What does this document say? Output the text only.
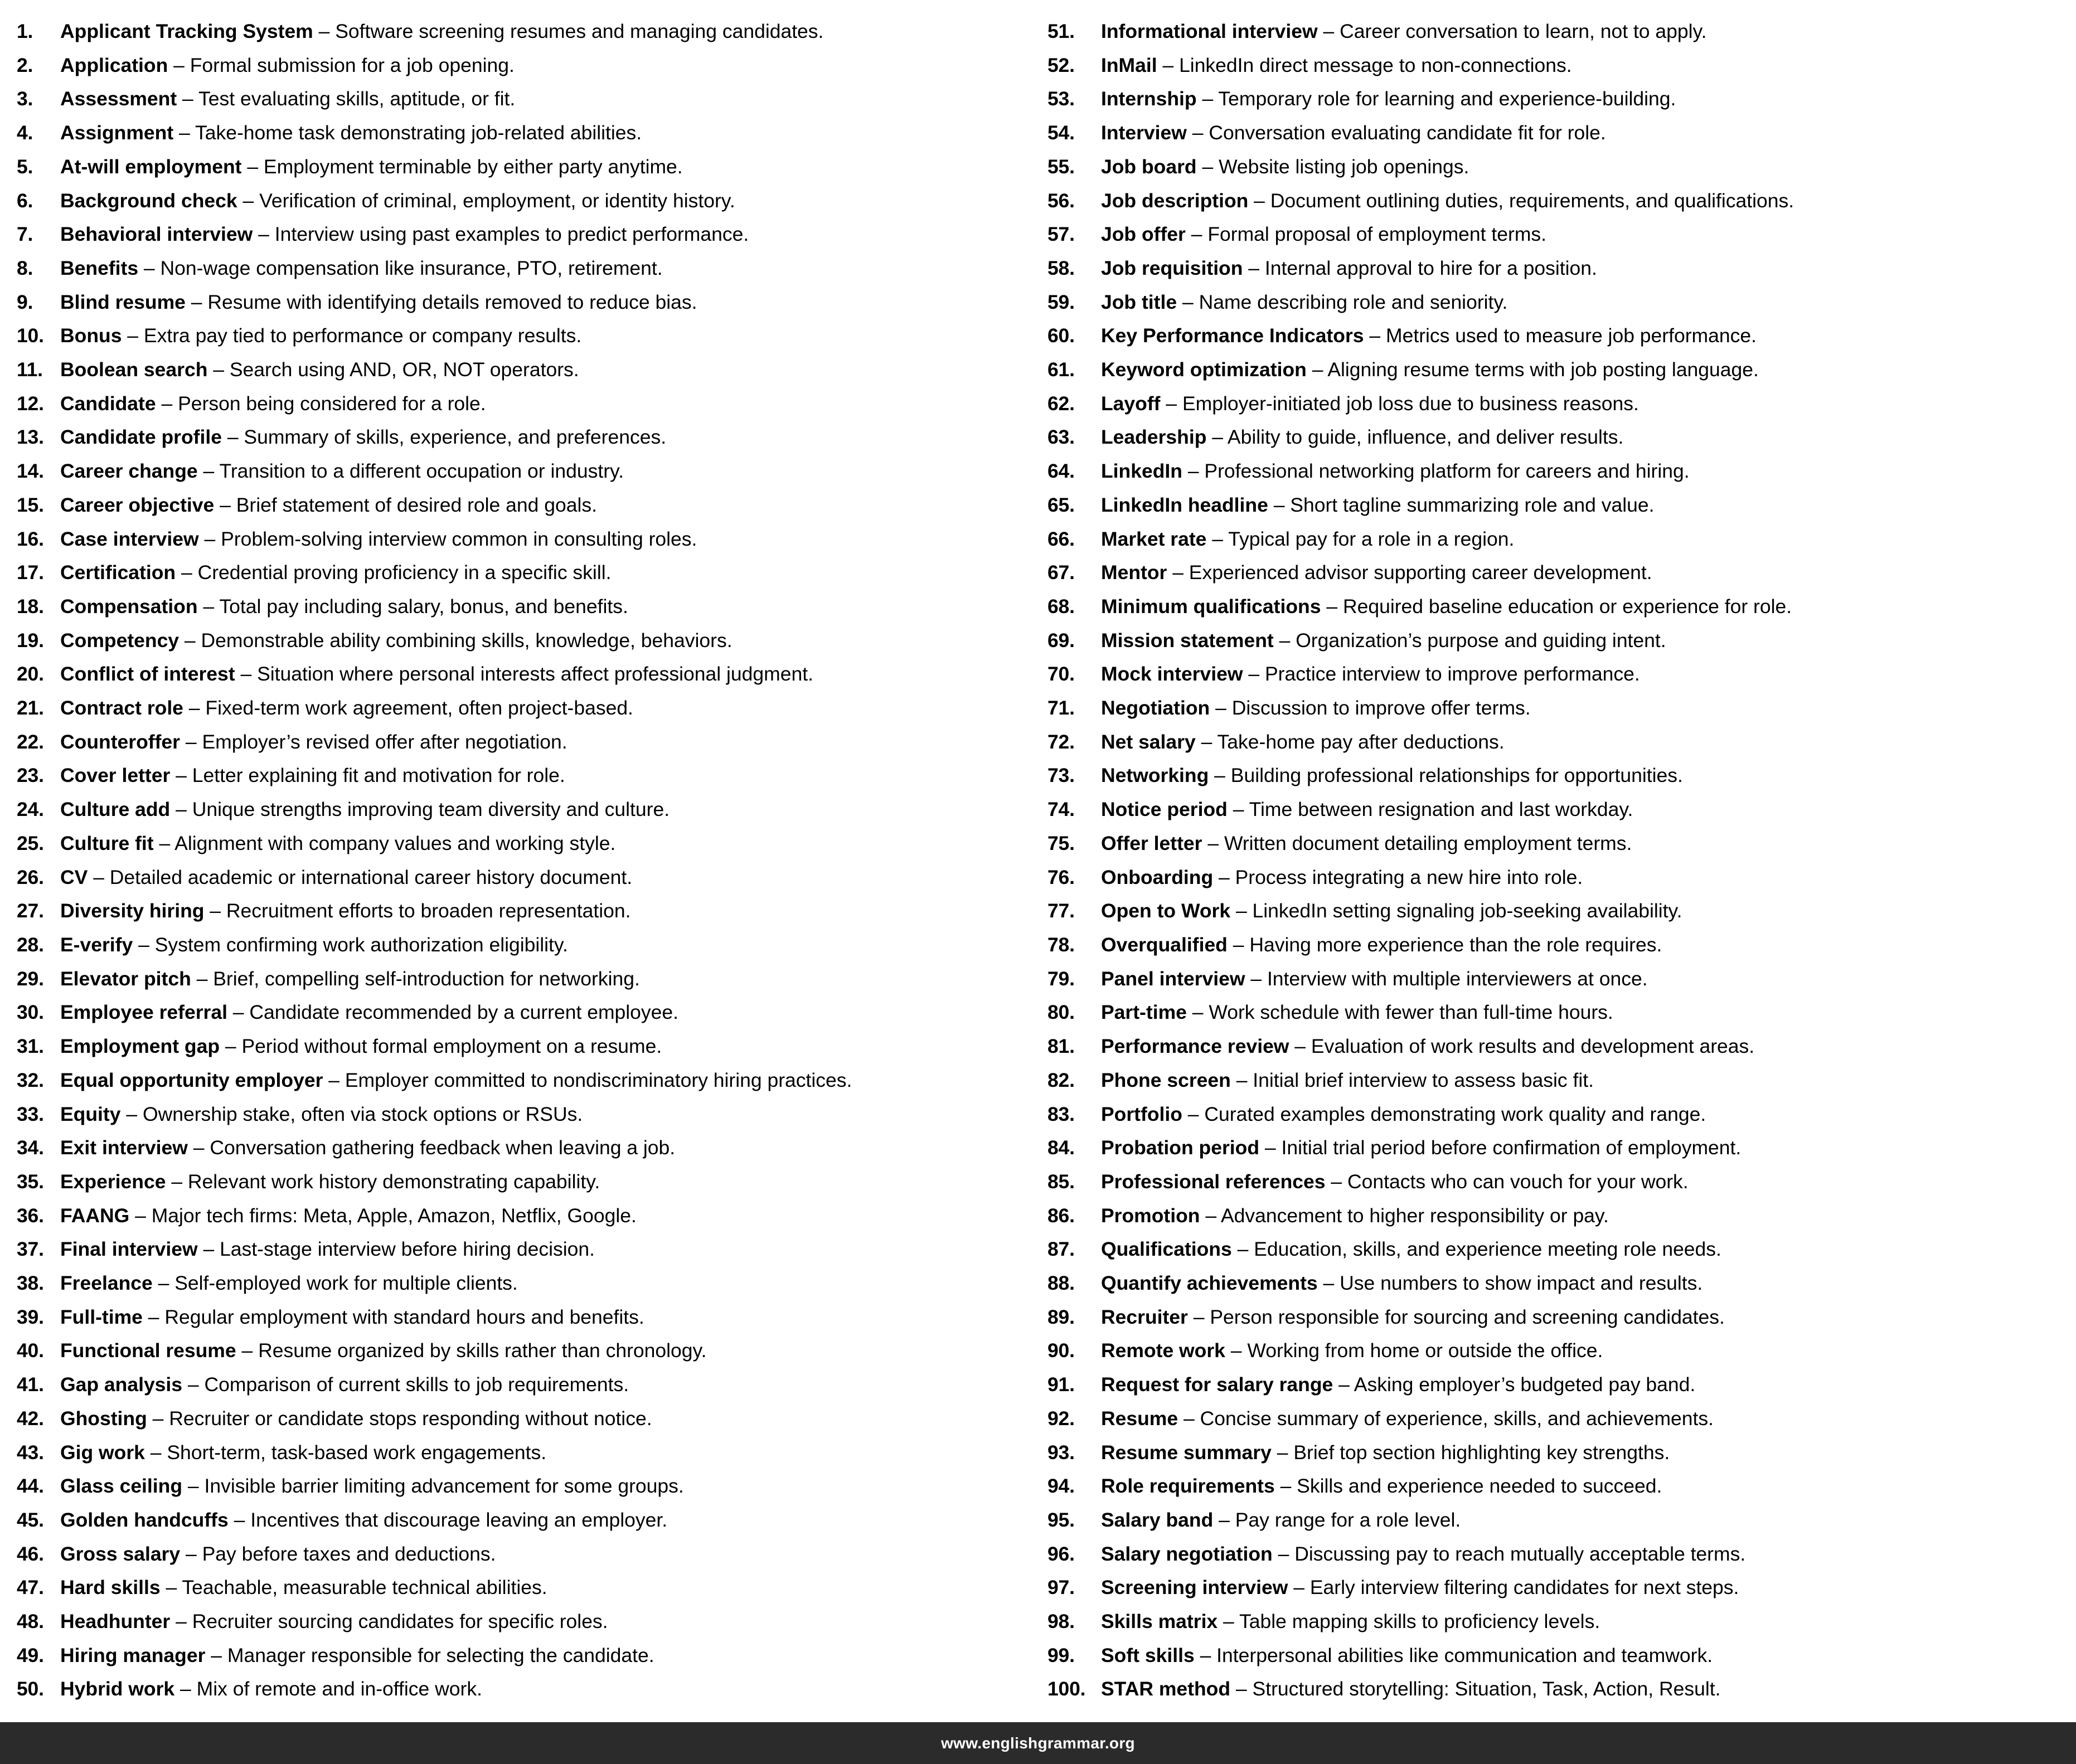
1.	Applicant Tracking System – Software screening resumes and managing candidates.
2.	Application – Formal submission for a job opening.
3.	Assessment – Test evaluating skills, aptitude, or fit.
4.	Assignment – Take-home task demonstrating job-related abilities.
5.	At-will employment – Employment terminable by either party anytime.
6.	Background check – Verification of criminal, employment, or identity history.
7.	Behavioral interview – Interview using past examples to predict performance.
8.	Benefits – Non-wage compensation like insurance, PTO, retirement.
9.	Blind resume – Resume with identifying details removed to reduce bias.
10. Bonus – Extra pay tied to performance or company results.
11. Boolean search – Search using AND, OR, NOT operators.
12. Candidate – Person being considered for a role.
13. Candidate profile – Summary of skills, experience, and preferences.
14. Career change – Transition to a different occupation or industry.
15. Career objective – Brief statement of desired role and goals.
16. Case interview – Problem-solving interview common in consulting roles.
17. Certification – Credential proving proficiency in a specific skill.
18. Compensation – Total pay including salary, bonus, and benefits.
19. Competency – Demonstrable ability combining skills, knowledge, behaviors.
20. Conflict of interest – Situation where personal interests affect professional judgment.
21. Contract role – Fixed-term work agreement, often project-based.
22. Counteroffer – Employer’s revised offer after negotiation.
23. Cover letter – Letter explaining fit and motivation for role.
24. Culture add – Unique strengths improving team diversity and culture.
25. Culture fit – Alignment with company values and working style.
26. CV – Detailed academic or international career history document.
27. Diversity hiring – Recruitment efforts to broaden representation.
28. E-verify – System confirming work authorization eligibility.
29. Elevator pitch – Brief, compelling self-introduction for networking.
30. Employee referral – Candidate recommended by a current employee.
31. Employment gap – Period without formal employment on a resume.
32. Equal opportunity employer – Employer committed to nondiscriminatory hiring practices.
33. Equity – Ownership stake, often via stock options or RSUs.
34. Exit interview – Conversation gathering feedback when leaving a job.
35. Experience – Relevant work history demonstrating capability.
36. FAANG – Major tech firms: Meta, Apple, Amazon, Netflix, Google.
37. Final interview – Last-stage interview before hiring decision.
38. Freelance – Self-employed work for multiple clients.
39. Full-time – Regular employment with standard hours and benefits.
40. Functional resume – Resume organized by skills rather than chronology.
41. Gap analysis – Comparison of current skills to job requirements.
42. Ghosting – Recruiter or candidate stops responding without notice.
43. Gig work – Short-term, task-based work engagements.
44. Glass ceiling – Invisible barrier limiting advancement for some groups.
45. Golden handcuffs – Incentives that discourage leaving an employer.
46. Gross salary – Pay before taxes and deductions.
47. Hard skills – Teachable, measurable technical abilities.
48. Headhunter – Recruiter sourcing candidates for specific roles.
49. Hiring manager – Manager responsible for selecting the candidate.
50. Hybrid work – Mix of remote and in-office work.
51.	Informational interview – Career conversation to learn, not to apply.
52.	InMail – LinkedIn direct message to non-connections.
53.	Internship – Temporary role for learning and experience-building.
54.	Interview – Conversation evaluating candidate fit for role.
55.	Job board – Website listing job openings.
56.	Job description – Document outlining duties, requirements, and qualifications.
57.	Job offer – Formal proposal of employment terms.
58.	Job requisition – Internal approval to hire for a position.
59.	Job title – Name describing role and seniority.
60.	Key Performance Indicators – Metrics used to measure job performance.
61.	Keyword optimization – Aligning resume terms with job posting language.
62.	Layoff – Employer-initiated job loss due to business reasons.
63.	Leadership – Ability to guide, influence, and deliver results.
64.	LinkedIn – Professional networking platform for careers and hiring.
65.	LinkedIn headline – Short tagline summarizing role and value.
66.	Market rate – Typical pay for a role in a region.
67.	Mentor – Experienced advisor supporting career development.
68.	Minimum qualifications – Required baseline education or experience for role.
69.	Mission statement – Organization’s purpose and guiding intent.
70.	Mock interview – Practice interview to improve performance.
71.	Negotiation – Discussion to improve offer terms.
72.	Net salary – Take-home pay after deductions.
73.	Networking – Building professional relationships for opportunities.
74.	Notice period – Time between resignation and last workday.
75.	Offer letter – Written document detailing employment terms.
76.	Onboarding – Process integrating a new hire into role.
77.	Open to Work – LinkedIn setting signaling job-seeking availability.
78.	Overqualified – Having more experience than the role requires.
79.	Panel interview – Interview with multiple interviewers at once.
80.	Part-time – Work schedule with fewer than full-time hours.
81.	Performance review – Evaluation of work results and development areas.
82.	Phone screen – Initial brief interview to assess basic fit.
83.	Portfolio – Curated examples demonstrating work quality and range.
84.	Probation period – Initial trial period before confirmation of employment.
85.	Professional references – Contacts who can vouch for your work.
86.	Promotion – Advancement to higher responsibility or pay.
87.	Qualifications – Education, skills, and experience meeting role needs.
88.	Quantify achievements – Use numbers to show impact and results.
89.	Recruiter – Person responsible for sourcing and screening candidates.
90.	Remote work – Working from home or outside the office.
91.	Request for salary range – Asking employer’s budgeted pay band.
92.	Resume – Concise summary of experience, skills, and achievements.
93.	Resume summary – Brief top section highlighting key strengths.
94.	Role requirements – Skills and experience needed to succeed.
95.	Salary band – Pay range for a role level.
96.	Salary negotiation – Discussing pay to reach mutually acceptable terms.
97.	Screening interview – Early interview filtering candidates for next steps.
98.	Skills matrix – Table mapping skills to proficiency levels.
99.	Soft skills – Interpersonal abilities like communication and teamwork.
100. STAR method – Structured storytelling: Situation, Task, Action, Result.
www.englishgrammar.org
